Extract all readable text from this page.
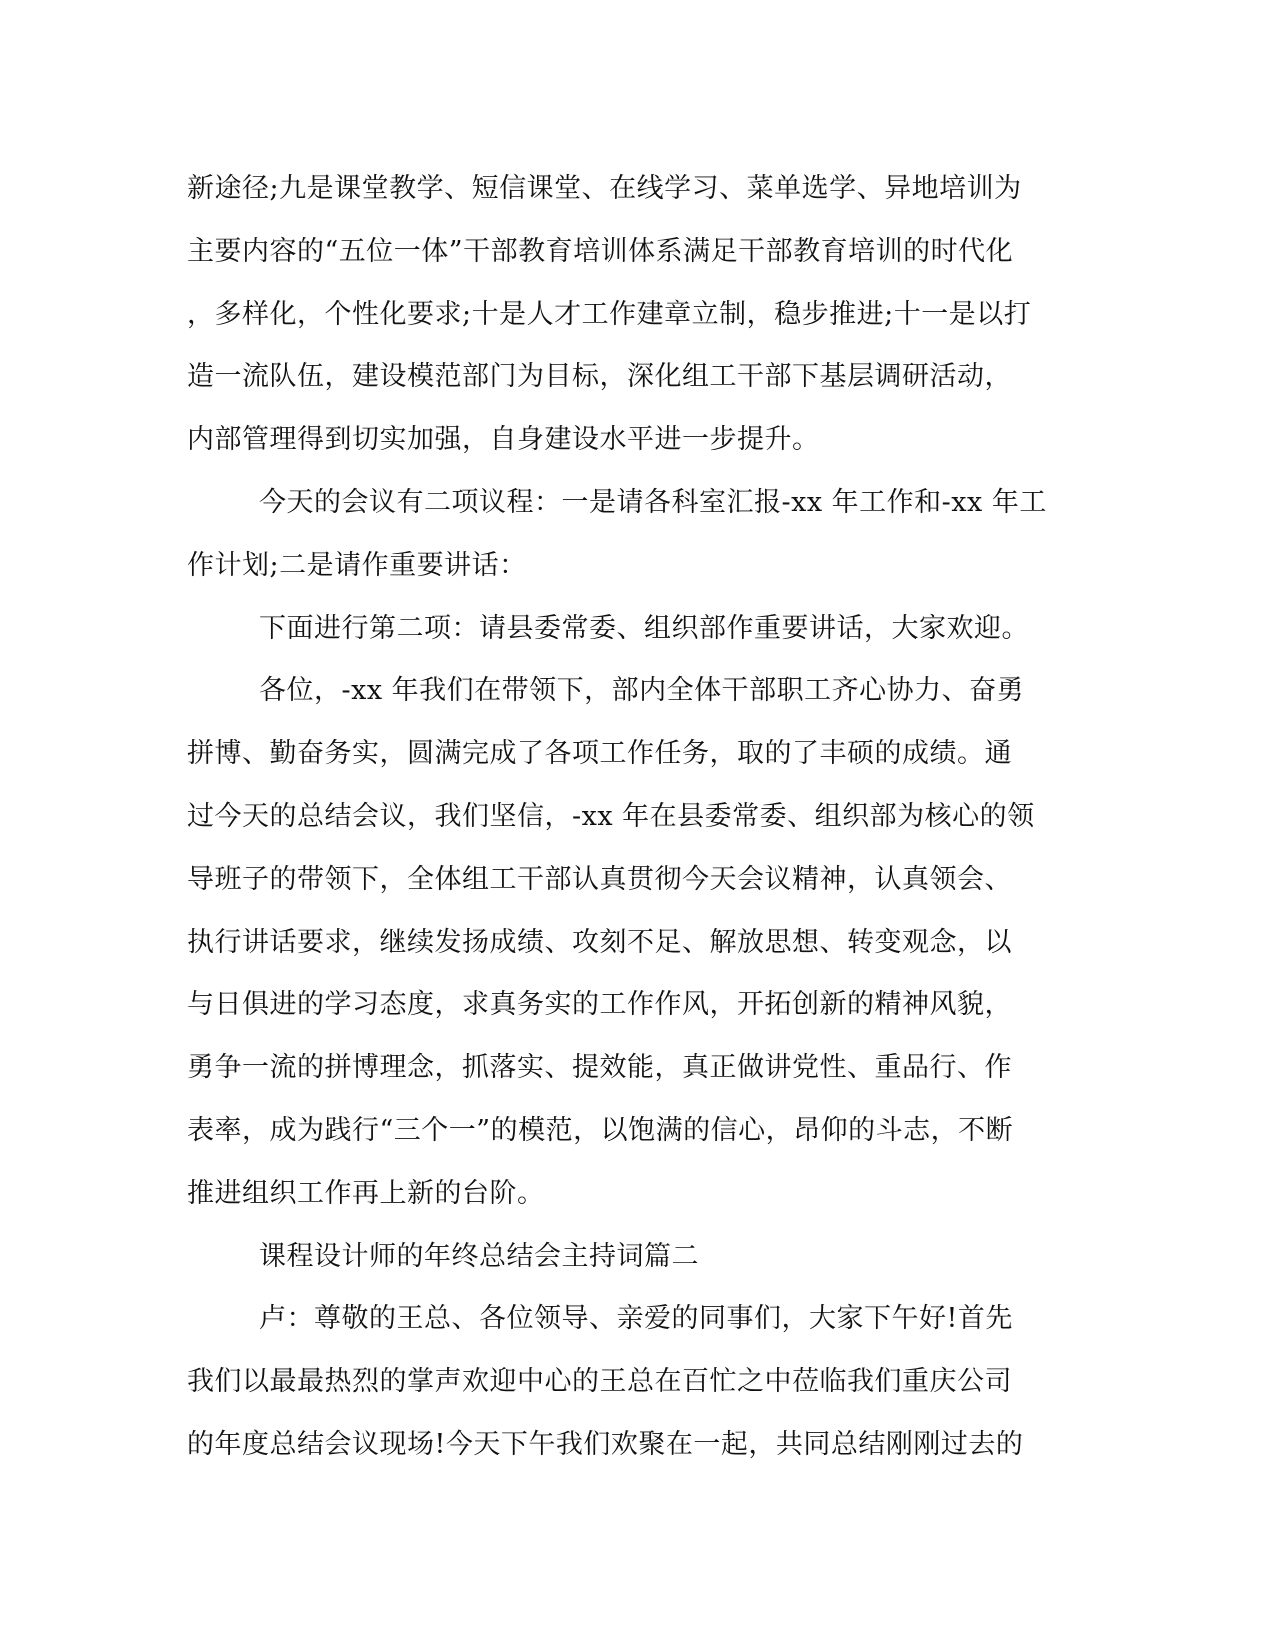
新途径;九是课堂教学、短信课堂、在线学习、菜单选学、异地培训为
主要内容的“五位一体”干部教育培训体系满足干部教育培训的时代化
，多样化，个性化要求;十是人才工作建章立制，稳步推进;十一是以打
造一流队伍，建设模范部门为目标，深化组工干部下基层调研活动，
内部管理得到切实加强，自身建设水平进一步提升。
今天的会议有二项议程：一是请各科室汇报-xx 年工作和-xx 年工
作计划;二是请作重要讲话：
下面进行第二项：请县委常委、组织部作重要讲话，大家欢迎。
各位，-xx 年我们在带领下，部内全体干部职工齐心协力、奋勇
拼博、勤奋务实，圆满完成了各项工作任务，取的了丰硕的成绩。通
过今天的总结会议，我们坚信，-xx 年在县委常委、组织部为核心的领
导班子的带领下，全体组工干部认真贯彻今天会议精神，认真领会、
执行讲话要求，继续发扬成绩、攻刻不足、解放思想、转变观念，以
与日俱进的学习态度，求真务实的工作作风，开拓创新的精神风貌，
勇争一流的拼博理念，抓落实、提效能，真正做讲党性、重品行、作
表率，成为践行“三个一”的模范，以饱满的信心，昂仰的斗志，不断
推进组织工作再上新的台阶。
课程设计师的年终总结会主持词篇二
卢：尊敬的王总、各位领导、亲爱的同事们，大家下午好!首先
我们以最最热烈的掌声欢迎中心的王总在百忙之中莅临我们重庆公司
的年度总结会议现场!今天下午我们欢聚在一起，共同总结刚刚过去的
